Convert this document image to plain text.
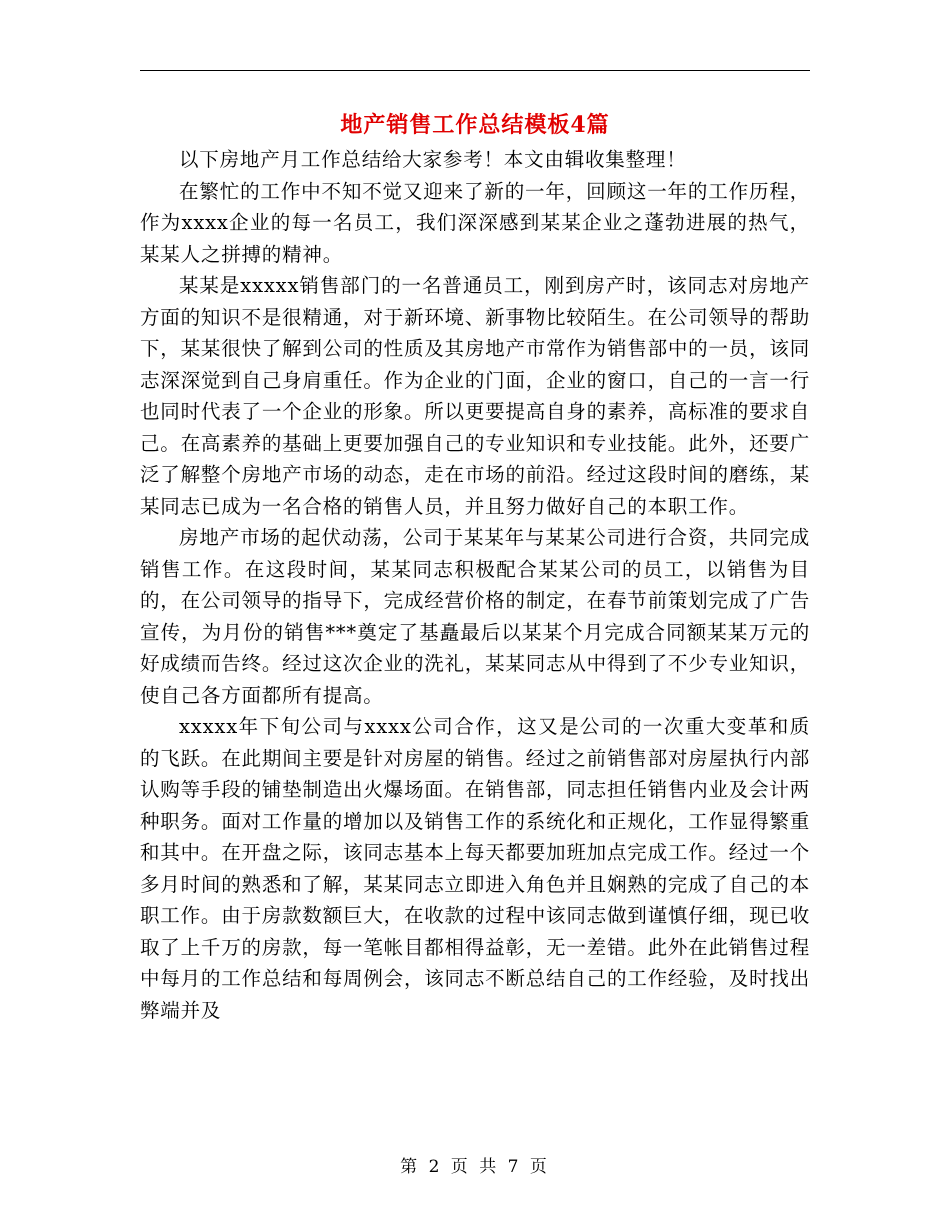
地产销售工作总结模板4篇

以下房地产月工作总结给大家参考！本文由辑收集整理！

在繁忙的工作中不知不觉又迎来了新的一年，回顾这一年的工作历程，作为xxxx企业的每一名员工，我们深深感到某某企业之蓬勃进展的热气，某某人之拼搏的精神。

某某是xxxxx销售部门的一名普通员工，刚到房产时，该同志对房地产方面的知识不是很精通，对于新环境、新事物比较陌生。在公司领导的帮助下，某某很快了解到公司的性质及其房地产市常作为销售部中的一员，该同志深深觉到自己身肩重任。作为企业的门面，企业的窗口，自己的一言一行也同时代表了一个企业的形象。所以更要提高自身的素养，高标准的要求自己。在高素养的基础上更要加强自己的专业知识和专业技能。此外，还要广泛了解整个房地产市场的动态，走在市场的前沿。经过这段时间的磨练，某某同志已成为一名合格的销售人员，并且努力做好自己的本职工作。

房地产市场的起伏动荡，公司于某某年与某某公司进行合资，共同完成销售工作。在这段时间，某某同志积极配合某某公司的员工，以销售为目的，在公司领导的指导下，完成经营价格的制定，在春节前策划完成了广告宣传，为月份的销售***奠定了基矗最后以某某个月完成合同额某某万元的好成绩而告终。经过这次企业的洗礼，某某同志从中得到了不少专业知识，使自己各方面都所有提高。

xxxxx年下旬公司与xxxx公司合作，这又是公司的一次重大变革和质的飞跃。在此期间主要是针对房屋的销售。经过之前销售部对房屋执行内部认购等手段的铺垫制造出火爆场面。在销售部，同志担任销售内业及会计两种职务。面对工作量的增加以及销售工作的系统化和正规化，工作显得繁重和其中。在开盘之际，该同志基本上每天都要加班加点完成工作。经过一个多月时间的熟悉和了解，某某同志立即进入角色并且娴熟的完成了自己的本职工作。由于房款数额巨大，在收款的过程中该同志做到谨慎仔细，现已收取了上千万的房款，每一笔帐目都相得益彰，无一差错。此外在此销售过程中每月的工作总结和每周例会，该同志不断总结自己的工作经验，及时找出弊端并及

第 2 页 共 7 页
